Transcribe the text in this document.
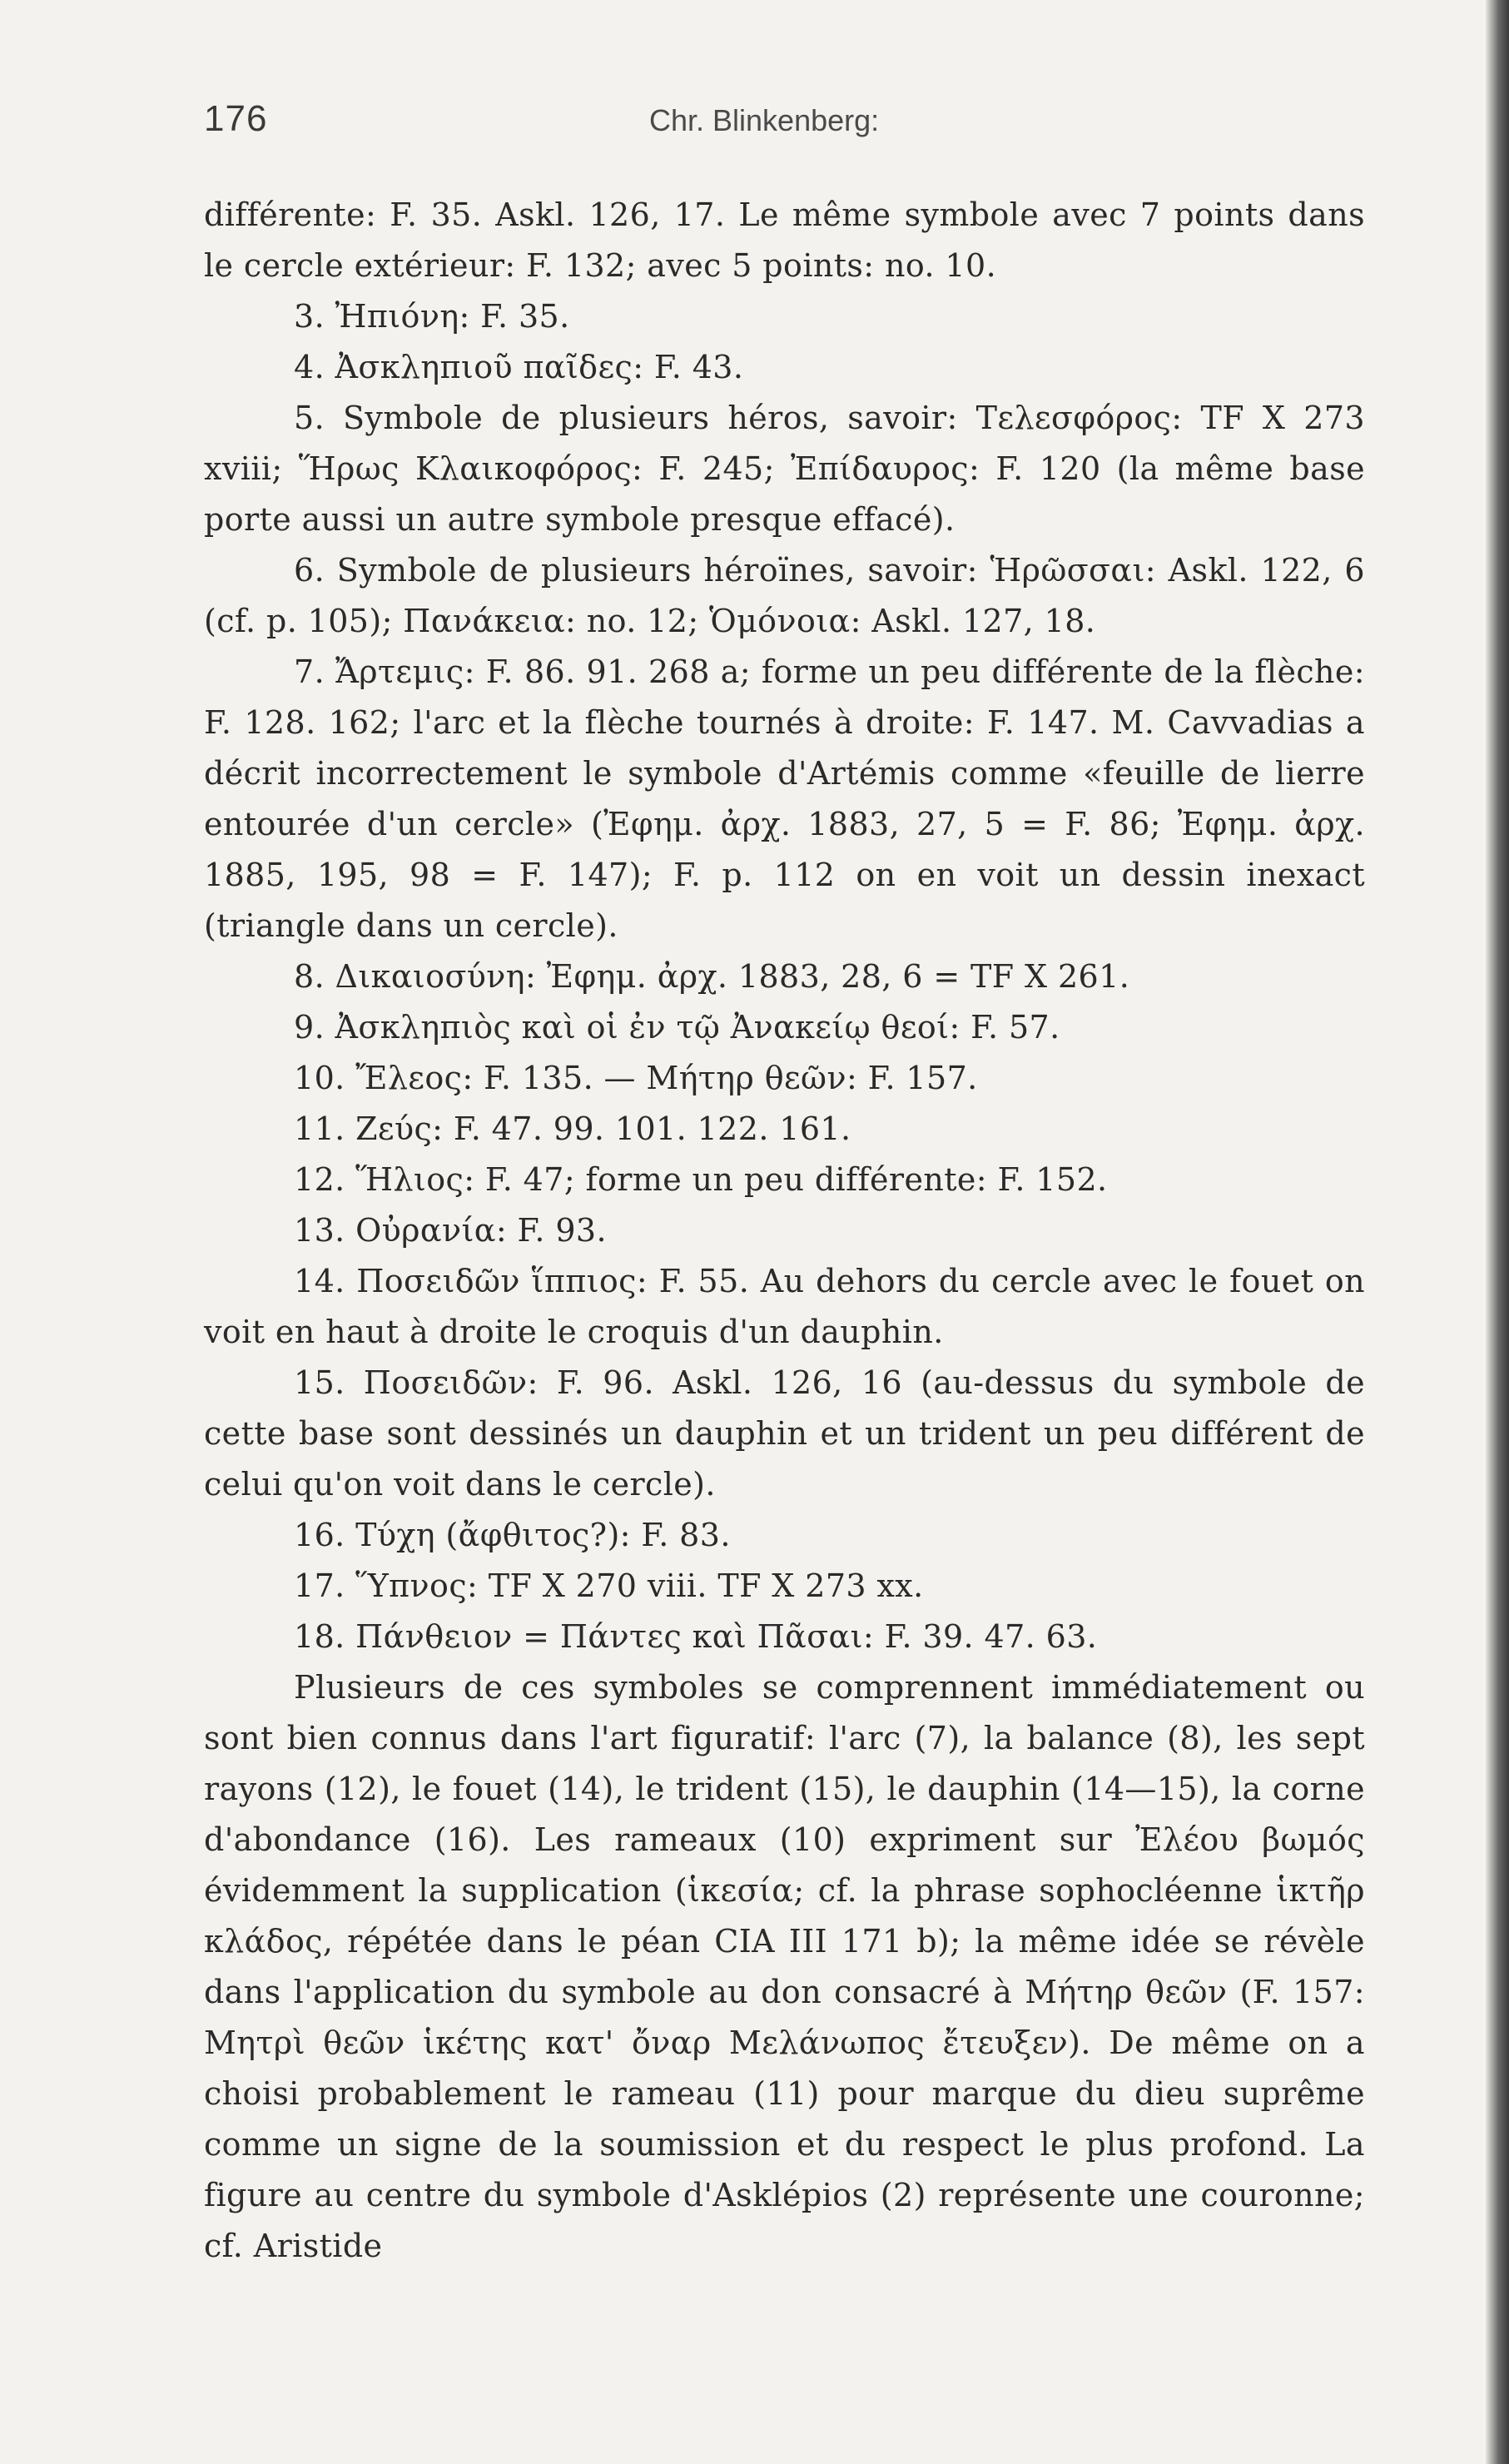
176	Chr. Blinkenberg:

différente: F. 35. Askl. 126, 17. Le même symbole avec 7 points dans le cercle extérieur: F. 132; avec 5 points: no. 10.

3. Ἠπιόνη: F. 35.

4. Ἀσκληπιοῦ παῖδες: F. 43.

5. Symbole de plusieurs héros, savoir: Τελεσφόρος: TF X 273 xviii; Ἥρως Κλαικοφόρος: F. 245; Ἐπίδαυρος: F. 120 (la même base porte aussi un autre symbole presque effacé).

6. Symbole de plusieurs héroïnes, savoir: Ἡρῶσσαι: Askl. 122, 6 (cf. p. 105); Πανάκεια: no. 12; Ὁμόνοια: Askl. 127, 18.

7. Ἄρτεμις: F. 86. 91. 268 a; forme un peu différente de la flèche: F. 128. 162; l'arc et la flèche tournés à droite: F. 147. M. Cavvadias a décrit incorrectement le symbole d'Artémis comme «feuille de lierre entourée d'un cercle» (Ἐφημ. ἀρχ. 1883, 27, 5 = F. 86; Ἐφημ. ἀρχ. 1885, 195, 98 = F. 147); F. p. 112 on en voit un dessin inexact (triangle dans un cercle).

8. Δικαιοσύνη: Ἐφημ. ἀρχ. 1883, 28, 6 = TF X 261.

9. Ἀσκληπιὸς καὶ οἱ ἐν τῷ Ἀνακείῳ θεοί: F. 57.

10. Ἔλεος: F. 135. — Μήτηρ θεῶν: F. 157.

11. Ζεύς: F. 47. 99. 101. 122. 161.

12. Ἥλιος: F. 47; forme un peu différente: F. 152.

13. Οὐρανία: F. 93.

14. Ποσειδῶν ἵππιος: F. 55. Au dehors du cercle avec le fouet on voit en haut à droite le croquis d'un dauphin.

15. Ποσειδῶν: F. 96. Askl. 126, 16 (au-dessus du symbole de cette base sont dessinés un dauphin et un trident un peu différent de celui qu'on voit dans le cercle).

16. Τύχη (ἄφθιτος?): F. 83.

17. Ὕπνος: TF X 270 viii. TF X 273 xx.

18. Πάνθειον = Πάντες καὶ Πᾶσαι: F. 39. 47. 63.

Plusieurs de ces symboles se comprennent immédiatement ou sont bien connus dans l'art figuratif: l'arc (7), la balance (8), les sept rayons (12), le fouet (14), le trident (15), le dauphin (14—15), la corne d'abondance (16). Les rameaux (10) expriment sur Ἐλέου βωμός évidemment la supplication (ἱκεσία; cf. la phrase sophocléenne ἱκτῆρ κλάδος, répétée dans le péan CIA III 171 b); la même idée se révèle dans l'application du symbole au don consacré à Μήτηρ θεῶν (F. 157: Μητρὶ θεῶν ἱκέτης κατ' ὄναρ Μελάνωπος ἔτευξεν). De même on a choisi probablement le rameau (11) pour marque du dieu suprême comme un signe de la soumission et du respect le plus profond. La figure au centre du symbole d'Asklépios (2) représente une couronne; cf. Aristide
